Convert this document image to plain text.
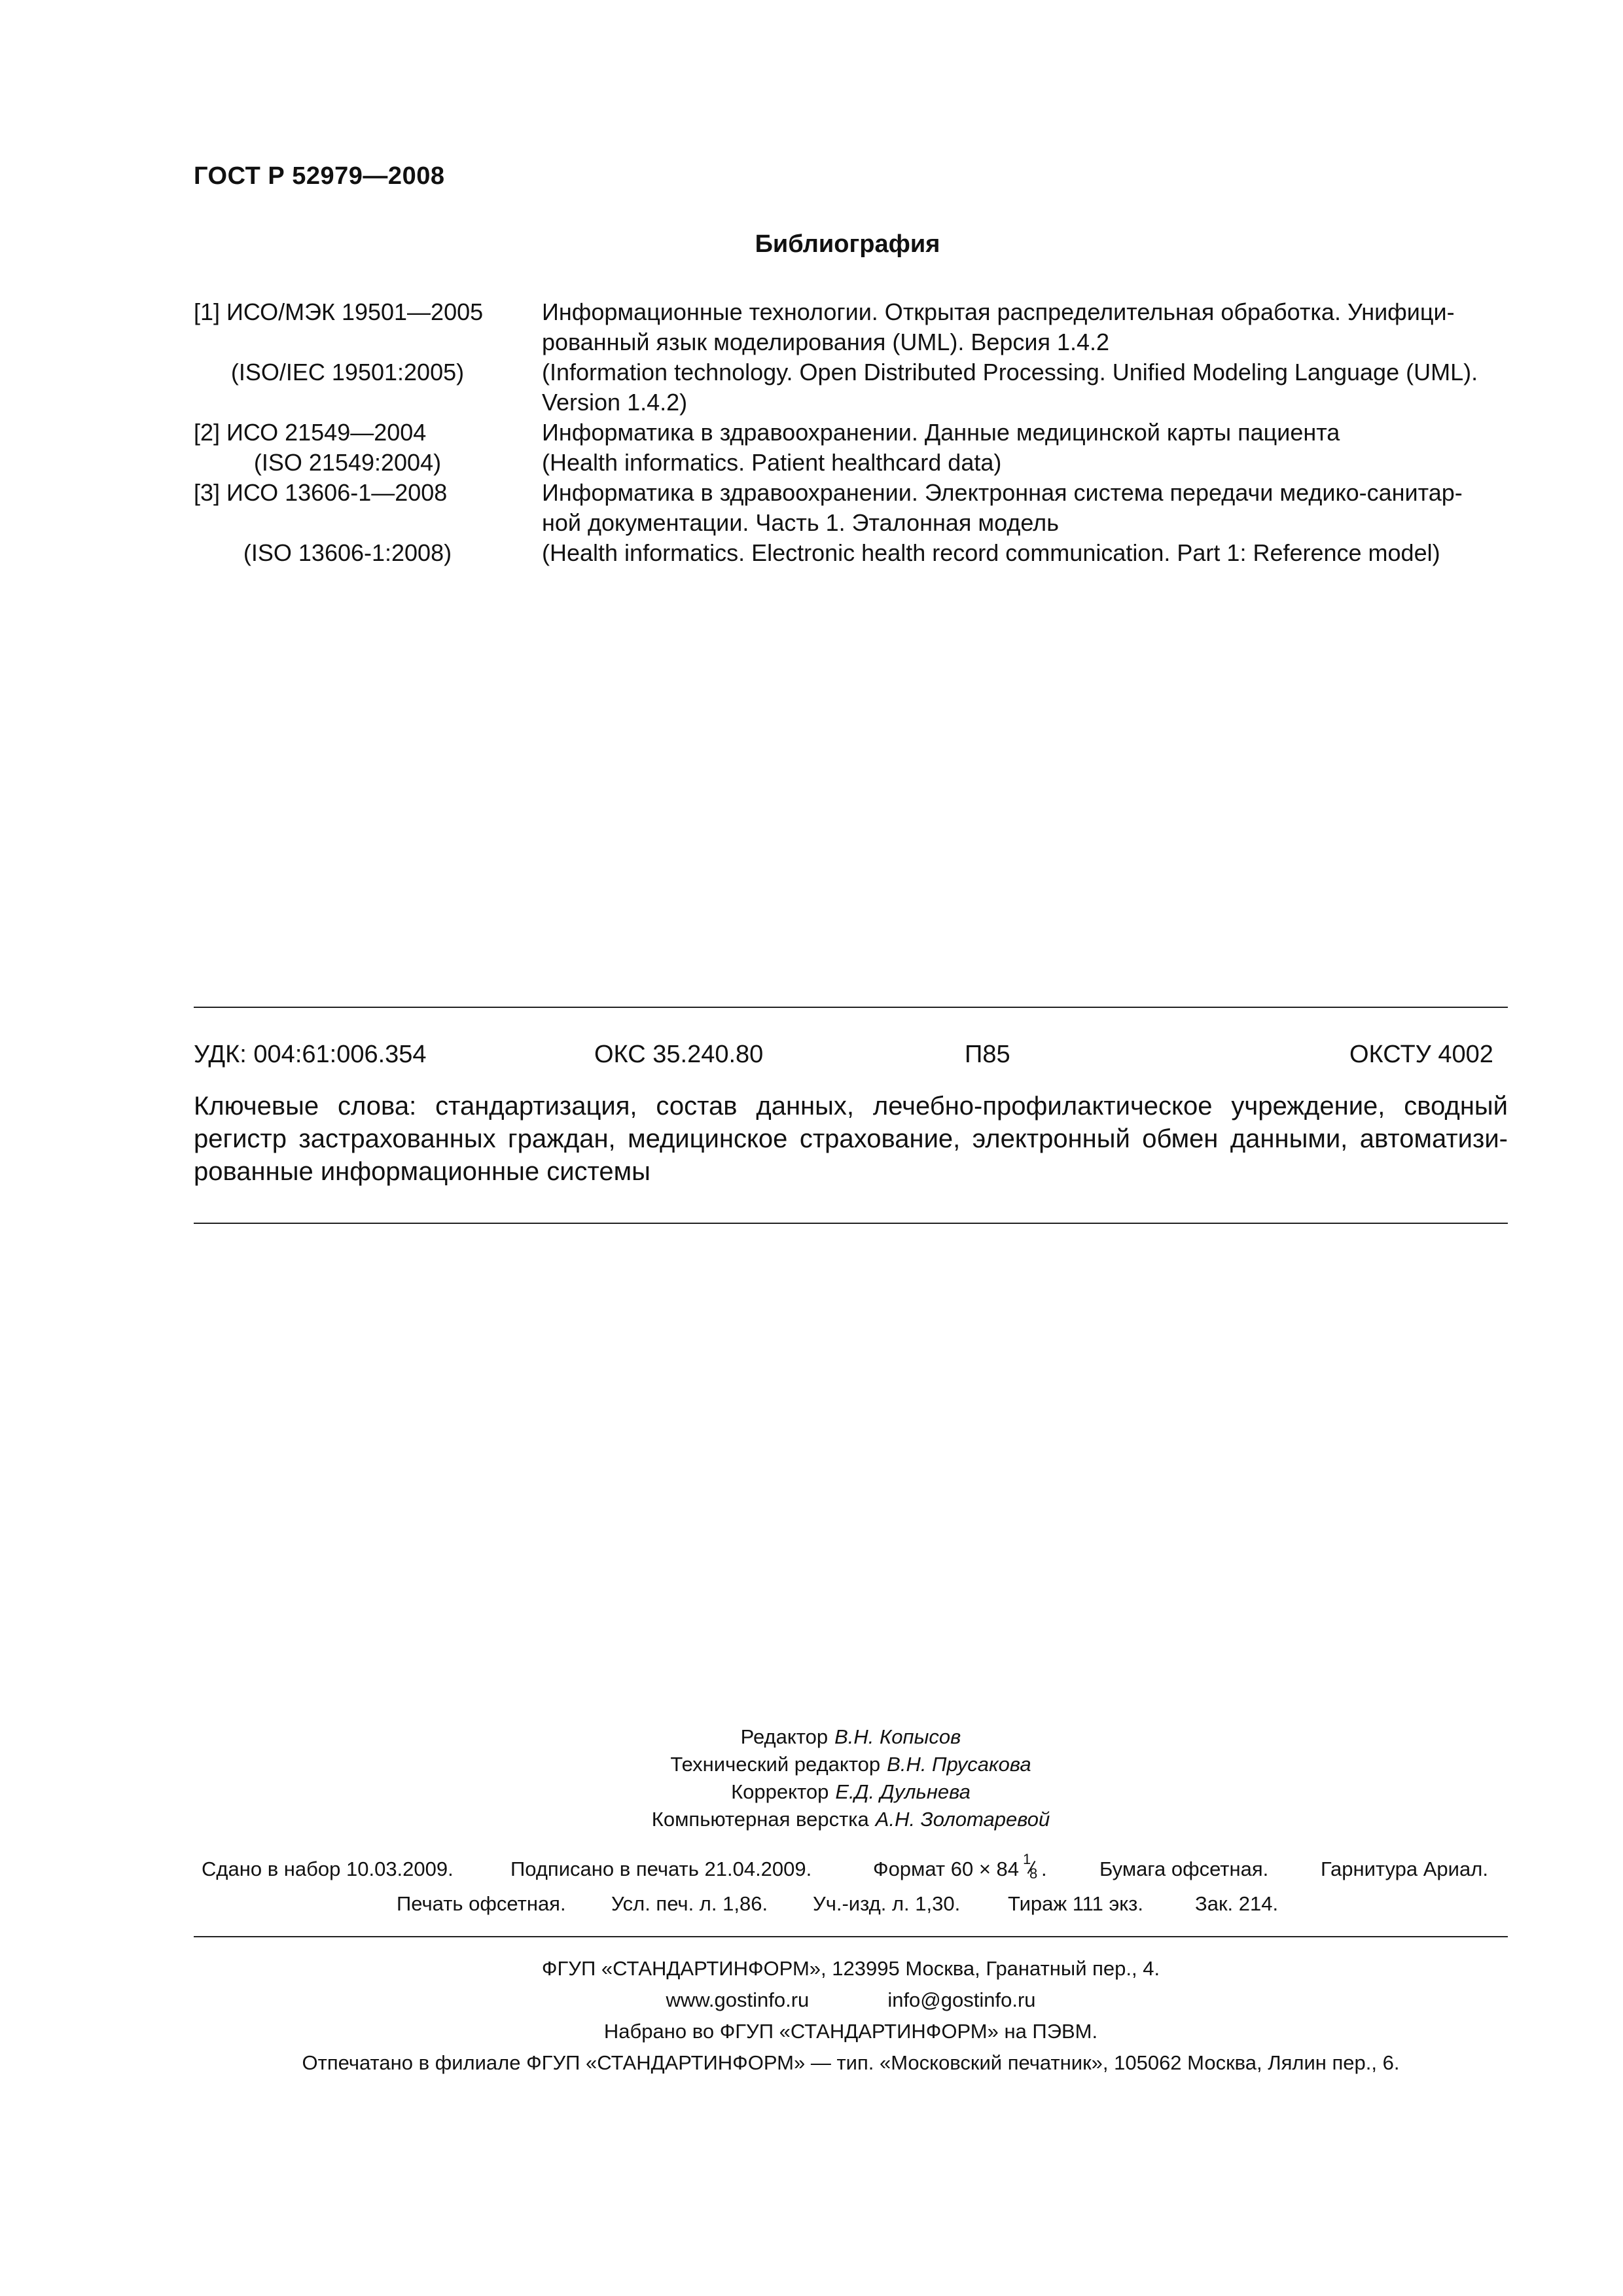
ГОСТ Р 52979—2008
Библиография
[1] ИСО/МЭК 19501—2005	Информационные технологии. Открытая распределительная обработка. Унифици-
рованный язык моделирования (UML). Версия 1.4.2
(ISO/IEC 19501:2005)	(Information technology. Open Distributed Processing. Unified Modeling Language (UML).
Version 1.4.2)
[2] ИСО 21549—2004	Информатика в здравоохранении. Данные медицинской карты пациента
(ISO 21549:2004)	(Health informatics. Patient healthcard data)
[3] ИСО 13606-1—2008	Информатика в здравоохранении. Электронная система передачи медико-санитар-
ной документации. Часть 1. Эталонная модель
(ISO 13606-1:2008)	(Health informatics. Electronic health record communication. Part 1: Reference model)
УДК: 004:61:006.354	ОКС 35.240.80	П85	ОКСТУ 4002
Ключевые слова: стандартизация, состав данных, лечебно-профилактическое учреждение, сводный
регистр застрахованных граждан, медицинское страхование, электронный обмен данными, автоматизи-
рованные информационные системы
Редактор В.Н. Копысов
Технический редактор В.Н. Прусакова
Корректор Е.Д. Дульнева
Компьютерная верстка А.Н. Золотаревой
Сдано в набор 10.03.2009.	Подписано в печать 21.04.2009.	Формат 60 × 84 1
8 .	Бумага офсетная.	Гарнитура Ариал.
Печать офсетная. Усл. печ. л. 1,86. Уч.-изд. л. 1,30. Тираж 111 экз.	Зак. 214.
ФГУП «СТАНДАРТИНФОРМ», 123995 Москва, Гранатный пер., 4.
www.gostinfo.ru	info@gostinfo.ru
Набрано во ФГУП «СТАНДАРТИНФОРМ» на ПЭВМ.
Отпечатано в филиале ФГУП «СТАНДАРТИНФОРМ» — тип. «Московский печатник», 105062 Москва, Лялин пер., 6.
